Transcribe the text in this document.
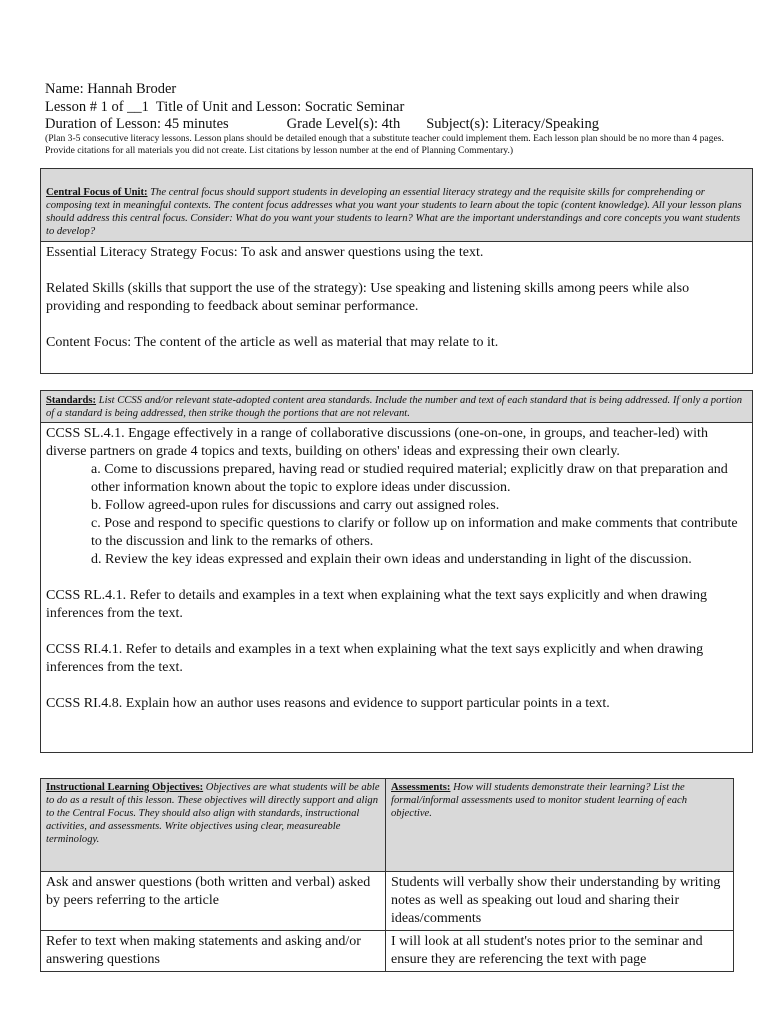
Name: Hannah Broder
Lesson # 1 of __1 Title of Unit and Lesson: Socratic Seminar
Duration of Lesson: 45 minutes	Grade Level(s): 4th Subject(s): Literacy/Speaking
(Plan 3-5 consecutive literacy lessons. Lesson plans should be detailed enough that a substitute teacher could implement them. Each lesson plan should be no more than 4 pages. Provide citations for all materials you did not create. List citations by lesson number at the end of Planning Commentary.)
Central Focus of Unit: The central focus should support students in developing an essential literacy strategy and the requisite skills for comprehending or composing text in meaningful contexts. The content focus addresses what you want your students to learn about the topic (content knowledge). All your lesson plans should address this central focus. Consider: What do you want your students to learn? What are the important understandings and core concepts you want students to develop?

Essential Literacy Strategy Focus: To ask and answer questions using the text.

Related Skills (skills that support the use of the strategy): Use speaking and listening skills among peers while also providing and responding to feedback about seminar performance.

Content Focus: The content of the article as well as material that may relate to it.

Standards: List CCSS and/or relevant state-adopted content area standards. Include the number and text of each standard that is being addressed. If only a portion of a standard is being addressed, then strike though the portions that are not relevant.

CCSS SL.4.1. Engage effectively in a range of collaborative discussions (one-on-one, in groups, and teacher-led) with diverse partners on grade 4 topics and texts, building on others' ideas and expressing their own clearly.

a. Come to discussions prepared, having read or studied required material; explicitly draw on that preparation and other information known about the topic to explore ideas under discussion.

b. Follow agreed-upon rules for discussions and carry out assigned roles.

c. Pose and respond to specific questions to clarify or follow up on information and make comments that contribute to the discussion and link to the remarks of others.

d. Review the key ideas expressed and explain their own ideas and understanding in light of the discussion.

CCSS RL.4.1. Refer to details and examples in a text when explaining what the text says explicitly and when drawing inferences from the text.

CCSS RI.4.1. Refer to details and examples in a text when explaining what the text says explicitly and when drawing inferences from the text.

CCSS RI.4.8. Explain how an author uses reasons and evidence to support particular points in a text.

Instructional Learning Objectives: Objectives are what students will be able to do as a result of this lesson. These objectives will directly support and align to the Central Focus. They should also align with standards, instructional activities, and assessments. Write objectives using clear, measureable terminology.	Assessments: How will students demonstrate their learning? List the formal/informal assessments used to monitor student learning of each objective.
Ask and answer questions (both written and verbal) asked by peers referring to the article	Students will verbally show their understanding by writing notes as well as speaking out loud and sharing their ideas/comments
Refer to text when making statements and asking and/or answering questions	I will look at all student's notes prior to the seminar and ensure they are referencing the text with page
